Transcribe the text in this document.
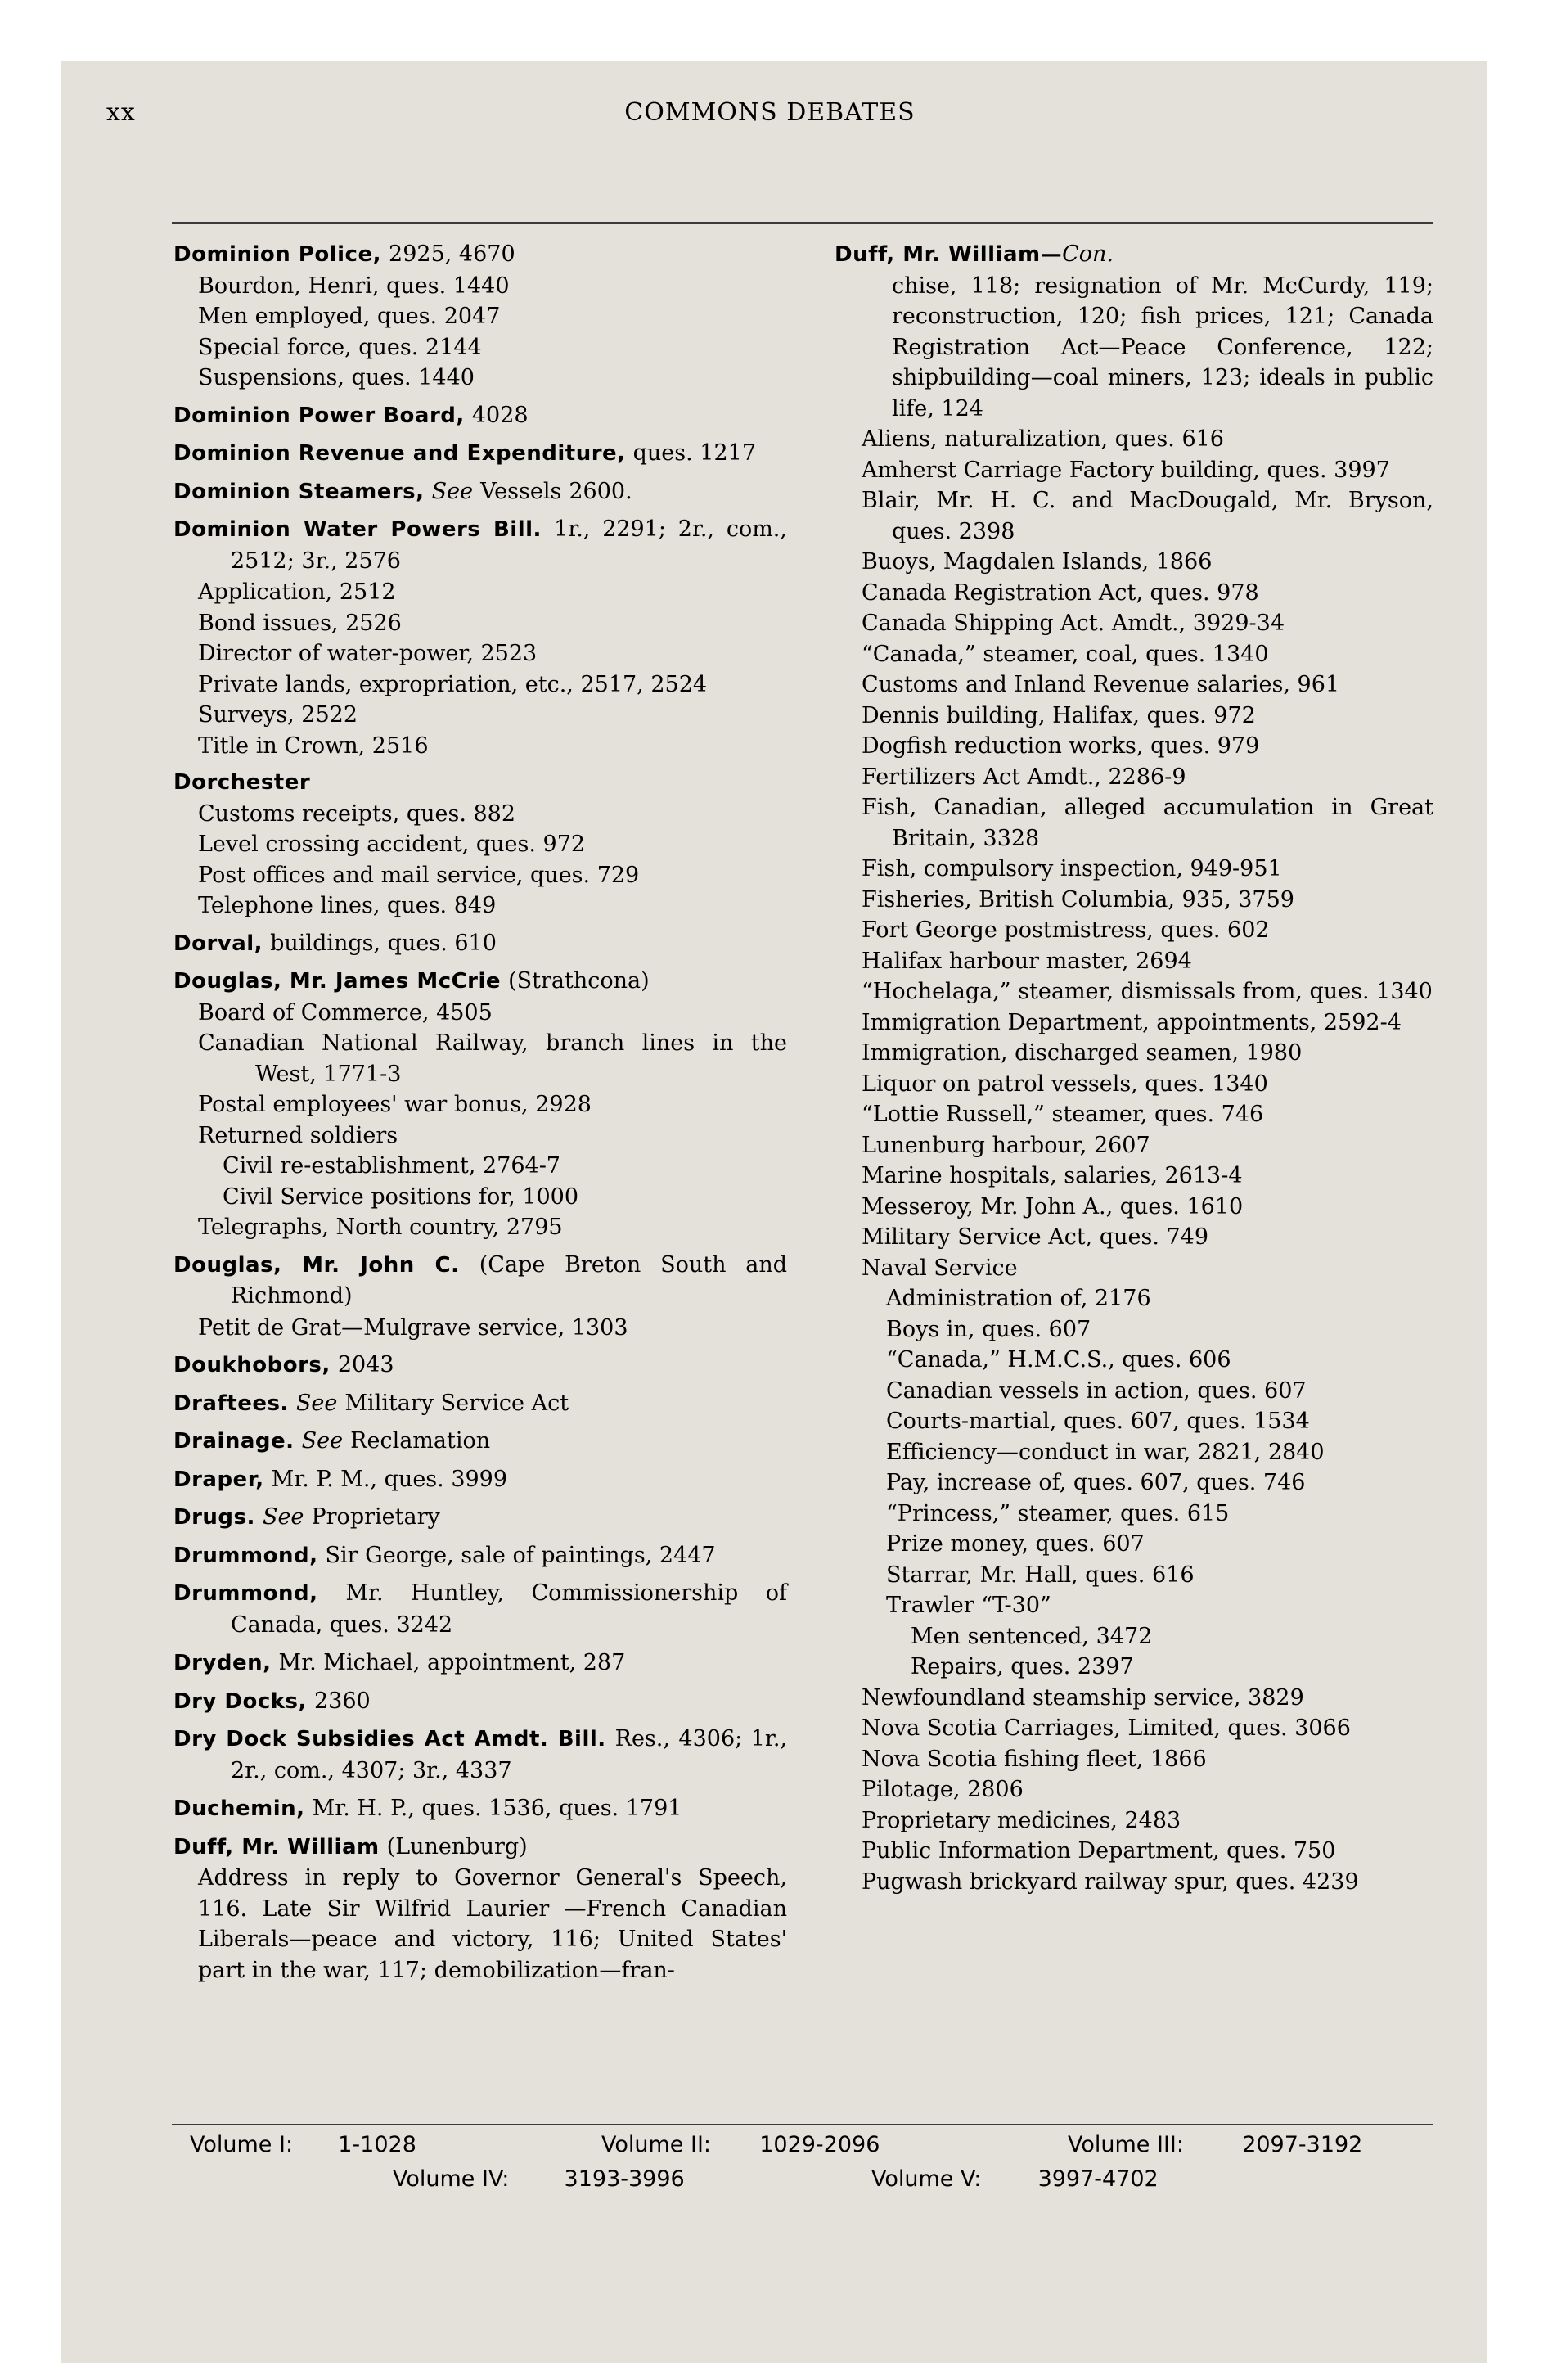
xx	COMMONS DEBATES
Dominion Police, 2925, 4670
Bourdon, Henri, ques. 1440
Men employed, ques. 2047
Special force, ques. 2144
Suspensions, ques. 1440
Dominion Power Board, 4028
Dominion Revenue and Expenditure, ques. 1217
Dominion Steamers, See Vessels 2600.
Dominion Water Powers Bill. 1r., 2291; 2r., com., 2512; 3r., 2576
Application, 2512
Bond issues, 2526
Director of water-power, 2523
Private lands, expropriation, etc., 2517, 2524
Surveys, 2522
Title in Crown, 2516
Dorchester
Customs receipts, ques. 882
Level crossing accident, ques. 972
Post offices and mail service, ques. 729
Telephone lines, ques. 849
Dorval, buildings, ques. 610
Douglas, Mr. James McCrie (Strathcona)
Board of Commerce, 4505
Canadian National Railway, branch lines in the West, 1771-3
Postal employees' war bonus, 2928
Returned soldiers
Civil re-establishment, 2764-7
Civil Service positions for, 1000
Telegraphs, North country, 2795
Douglas, Mr. John C. (Cape Breton South and Richmond)
Petit de Grat—Mulgrave service, 1303
Doukhobors, 2043
Draftees. See Military Service Act
Drainage. See Reclamation
Draper, Mr. P. M., ques. 3999
Drugs. See Proprietary
Drummond, Sir George, sale of paintings, 2447
Drummond, Mr. Huntley, Commissionership of Canada, ques. 3242
Dryden, Mr. Michael, appointment, 287
Dry Docks, 2360
Dry Dock Subsidies Act Amdt. Bill. Res., 4306; 1r., 2r., com., 4307; 3r., 4337
Duchemin, Mr. H. P., ques. 1536, ques. 1791
Duff, Mr. William (Lunenburg)
Address in reply to Governor General's Speech, 116. Late Sir Wilfrid Laurier —French Canadian Liberals—peace and victory, 116; United States' part in the war, 117; demobilization—fran-
Duff, Mr. William—Con.
chise, 118; resignation of Mr. McCurdy, 119; reconstruction, 120; fish prices, 121; Canada Registration Act—Peace Conference, 122; shipbuilding—coal miners, 123; ideals in public life, 124
Aliens, naturalization, ques. 616
Amherst Carriage Factory building, ques. 3997
Blair, Mr. H. C. and MacDougald, Mr. Bryson, ques. 2398
Buoys, Magdalen Islands, 1866
Canada Registration Act, ques. 978
Canada Shipping Act. Amdt., 3929-34
“Canada,” steamer, coal, ques. 1340
Customs and Inland Revenue salaries, 961
Dennis building, Halifax, ques. 972
Dogfish reduction works, ques. 979
Fertilizers Act Amdt., 2286-9
Fish, Canadian, alleged accumulation in Great Britain, 3328
Fish, compulsory inspection, 949-951
Fisheries, British Columbia, 935, 3759
Fort George postmistress, ques. 602
Halifax harbour master, 2694
“Hochelaga,” steamer, dismissals from, ques. 1340
Immigration Department, appointments, 2592-4
Immigration, discharged seamen, 1980
Liquor on patrol vessels, ques. 1340
“Lottie Russell,” steamer, ques. 746
Lunenburg harbour, 2607
Marine hospitals, salaries, 2613-4
Messeroy, Mr. John A., ques. 1610
Military Service Act, ques. 749
Naval Service
Administration of, 2176
Boys in, ques. 607
“Canada,” H.M.C.S., ques. 606
Canadian vessels in action, ques. 607
Courts-martial, ques. 607, ques. 1534
Efficiency—conduct in war, 2821, 2840
Pay, increase of, ques. 607, ques. 746
“Princess,” steamer, ques. 615
Prize money, ques. 607
Starrar, Mr. Hall, ques. 616
Trawler “T-30”
Men sentenced, 3472
Repairs, ques. 2397
Newfoundland steamship service, 3829
Nova Scotia Carriages, Limited, ques. 3066
Nova Scotia fishing fleet, 1866
Pilotage, 2806
Proprietary medicines, 2483
Public Information Department, ques. 750
Pugwash brickyard railway spur, ques. 4239
Volume I: 1-1028	Volume II: 1029-2096	Volume III:	2097-3192
Volume IV: 3193-3996	Volume V:	3997-4702
